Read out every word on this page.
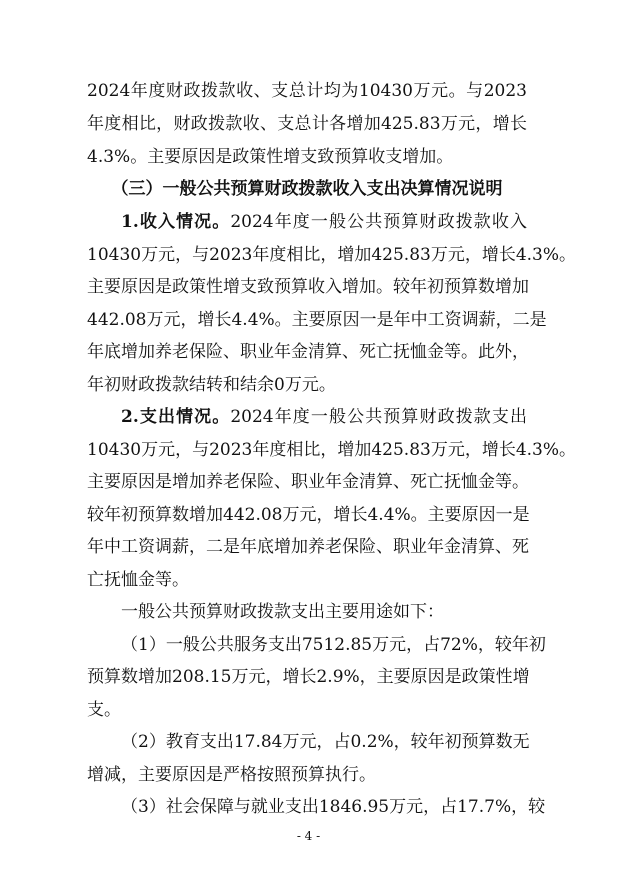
2024年度财政拨款收、支总计均为10430万元。与2023
年度相比，财政拨款收、支总计各增加425.83万元，增长
4.3%。主要原因是政策性增支致预算收支增加。
（三）一般公共预算财政拨款收入支出决算情况说明
1.收入情况。2024年度一般公共预算财政拨款收入
10430万元，与2023年度相比，增加425.83万元，增长4.3%。
主要原因是政策性增支致预算收入增加。较年初预算数增加
442.08万元，增长4.4%。主要原因一是年中工资调薪，二是
年底增加养老保险、职业年金清算、死亡抚恤金等。此外，
年初财政拨款结转和结余0万元。
2.支出情况。2024年度一般公共预算财政拨款支出
10430万元，与2023年度相比，增加425.83万元，增长4.3%。
主要原因是增加养老保险、职业年金清算、死亡抚恤金等。
较年初预算数增加442.08万元，增长4.4%。主要原因一是
年中工资调薪，二是年底增加养老保险、职业年金清算、死
亡抚恤金等。
一般公共预算财政拨款支出主要用途如下：
（1）一般公共服务支出7512.85万元，占72%，较年初
预算数增加208.15万元，增长2.9%，主要原因是政策性增
支。
（2）教育支出17.84万元，占0.2%，较年初预算数无
增减，主要原因是严格按照预算执行。
（3）社会保障与就业支出1846.95万元，占17.7%，较
- 4 -
